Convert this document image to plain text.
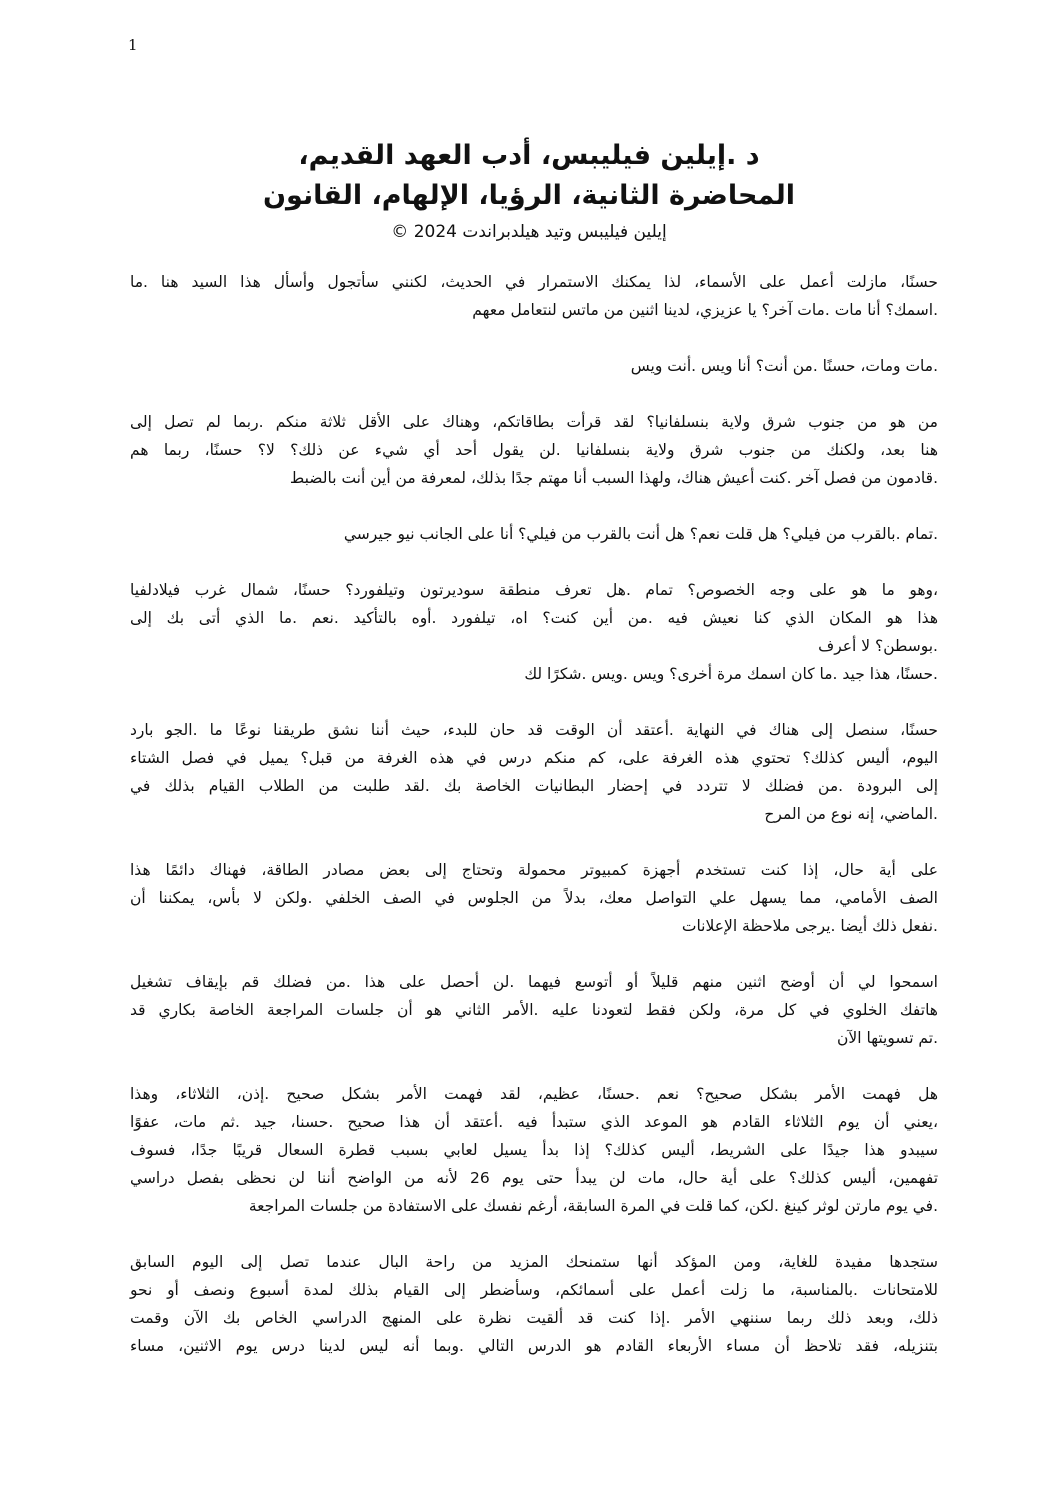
1
د .إيلين فيليبس، أدب العهد القديم،
المحاضرة الثانية، الرؤيا، الإلهام، القانون
إيلين فيليبس وتيد هيلدبراندت 2024 ©
حسنًا، مازلت أعمل على الأسماء، لذا يمكنك الاستمرار في الحديث، لكنني سأتجول وأسأل هذا السيد هنا .ما
.اسمك؟ أنا مات .مات آخر؟ يا عزيزي، لدينا اثنين من ماتس لنتعامل معهم
.مات ومات، حسنًا .من أنت؟ أنا ويس .أنت ويس
من هو من جنوب شرق ولاية بنسلفانيا؟ لقد قرأت بطاقاتكم، وهناك على الأقل ثلاثة منكم .ربما لم تصل إلى
هنا بعد، ولكنك من جنوب شرق ولاية بنسلفانيا .لن يقول أحد أي شيء عن ذلك؟ لا؟ حسنًا، ربما هم
.قادمون من فصل آخر .كنت أعيش هناك، ولهذا السبب أنا مهتم جدًا بذلك، لمعرفة من أين أنت بالضبط
.تمام .بالقرب من فيلي؟ هل قلت نعم؟ هل أنت بالقرب من فيلي؟ أنا على الجانب نيو جيرسي
،وهو ما هو على وجه الخصوص؟ تمام .هل تعرف منطقة سوديرتون وتيلفورد؟ حسنًا، شمال غرب فيلادلفيا
هذا هو المكان الذي كنا نعيش فيه .من أين كنت؟ اه، تيلفورد .أوه بالتأكيد .نعم .ما الذي أتى بك إلى
.بوسطن؟ لا أعرف
.حسنًا، هذا جيد .ما كان اسمك مرة أخرى؟ ويس .ويس .شكرًا لك
حسنًا، سنصل إلى هناك في النهاية .أعتقد أن الوقت قد حان للبدء، حيث أننا نشق طريقنا نوعًا ما .الجو بارد
اليوم، أليس كذلك؟ تحتوي هذه الغرفة على، كم منكم درس في هذه الغرفة من قبل؟ يميل في فصل الشتاء
إلى البرودة .من فضلك لا تتردد في إحضار البطانيات الخاصة بك .لقد طلبت من الطلاب القيام بذلك في
.الماضي، إنه نوع من المرح
على أية حال، إذا كنت تستخدم أجهزة كمبيوتر محمولة وتحتاج إلى بعض مصادر الطاقة، فهناك دائمًا هذا
الصف الأمامي، مما يسهل علي التواصل معك، بدلاً من الجلوس في الصف الخلفي .ولكن لا بأس، يمكننا أن
.نفعل ذلك أيضا .يرجى ملاحظة الإعلانات
اسمحوا لي أن أوضح اثنين منهم قليلاً أو أتوسع فيهما .لن أحصل على هذا .من فضلك قم بإيقاف تشغيل
هاتفك الخلوي في كل مرة، ولكن فقط لتعودنا عليه .الأمر الثاني هو أن جلسات المراجعة الخاصة بكاري قد
.تم تسويتها الآن
هل فهمت الأمر بشكل صحيح؟ نعم .حسنًا، عظيم، لقد فهمت الأمر بشكل صحيح .إذن، الثلاثاء، وهذا
،يعني أن يوم الثلاثاء القادم هو الموعد الذي ستبدأ فيه .أعتقد أن هذا صحيح .حسنا، جيد .ثم مات، عفوًا
سيبدو هذا جيدًا على الشريط، أليس كذلك؟ إذا بدأ يسيل لعابي بسبب قطرة السعال قريبًا جدًا، فسوف
تفهمين، أليس كذلك؟ على أية حال، مات لن يبدأ حتى يوم 26 لأنه من الواضح أننا لن نحظى بفصل دراسي
.في يوم مارتن لوثر كينغ .لكن، كما قلت في المرة السابقة، أرغم نفسك على الاستفادة من جلسات المراجعة
ستجدها مفيدة للغاية، ومن المؤكد أنها ستمنحك المزيد من راحة البال عندما تصل إلى اليوم السابق
للامتحانات .بالمناسبة، ما زلت أعمل على أسمائكم، وسأضطر إلى القيام بذلك لمدة أسبوع ونصف أو نحو
ذلك، وبعد ذلك ربما سننهي الأمر .إذا كنت قد ألقيت نظرة على المنهج الدراسي الخاص بك الآن وقمت
بتنزيله، فقد تلاحظ أن مساء الأربعاء القادم هو الدرس التالي .وبما أنه ليس لدينا درس يوم الاثنين، مساء
